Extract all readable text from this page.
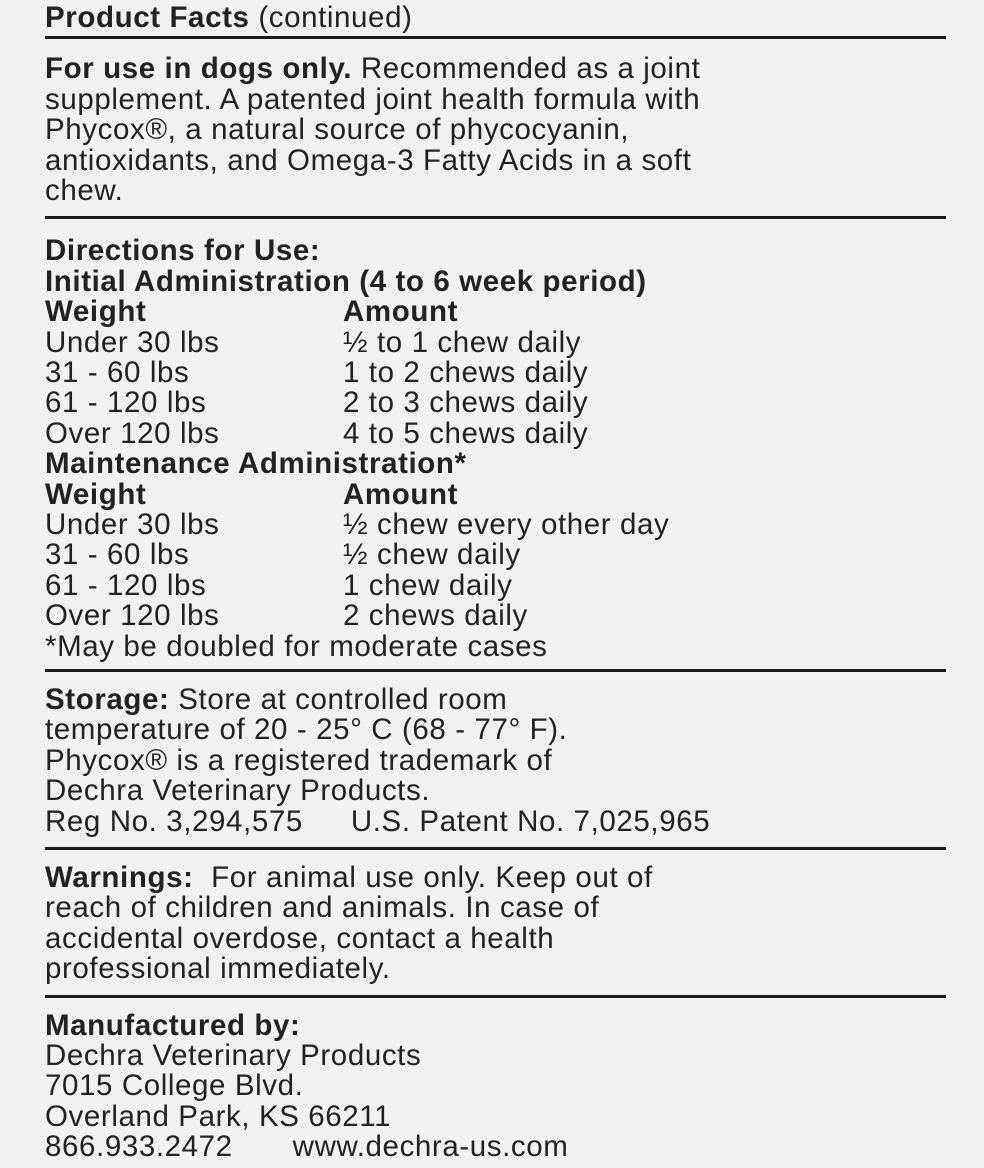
Product Facts (continued)
For use in dogs only. Recommended as a joint
supplement. A patented joint health formula with
Phycox®, a natural source of phycocyanin,
antioxidants, and Omega-3 Fatty Acids in a soft
chew.
Directions for Use:
Initial Administration (4 to 6 week period)
Weight	Amount
Under 30 lbs	½ to 1 chew daily
31 - 60 lbs	1 to 2 chews daily
61 - 120 lbs	2 to 3 chews daily
Over 120 lbs	4 to 5 chews daily
Maintenance Administration*
Weight	Amount
Under 30 lbs	½ chew every other day
31 - 60 lbs	½ chew daily
61 - 120 lbs	1 chew daily
Over 120 lbs	2 chews daily
*May be doubled for moderate cases
Storage: Store at controlled room
temperature of 20 - 25° C (68 - 77° F).
Phycox® is a registered trademark of
Dechra Veterinary Products.
Reg No. 3,294,575 U.S. Patent No. 7,025,965
Warnings:  For animal use only. Keep out of
reach of children and animals. In case of
accidental overdose, contact a health
professional immediately.
Manufactured by:
Dechra Veterinary Products
7015 College Blvd.
Overland Park, KS 66211
866.933.2472 www.dechra-us.com
